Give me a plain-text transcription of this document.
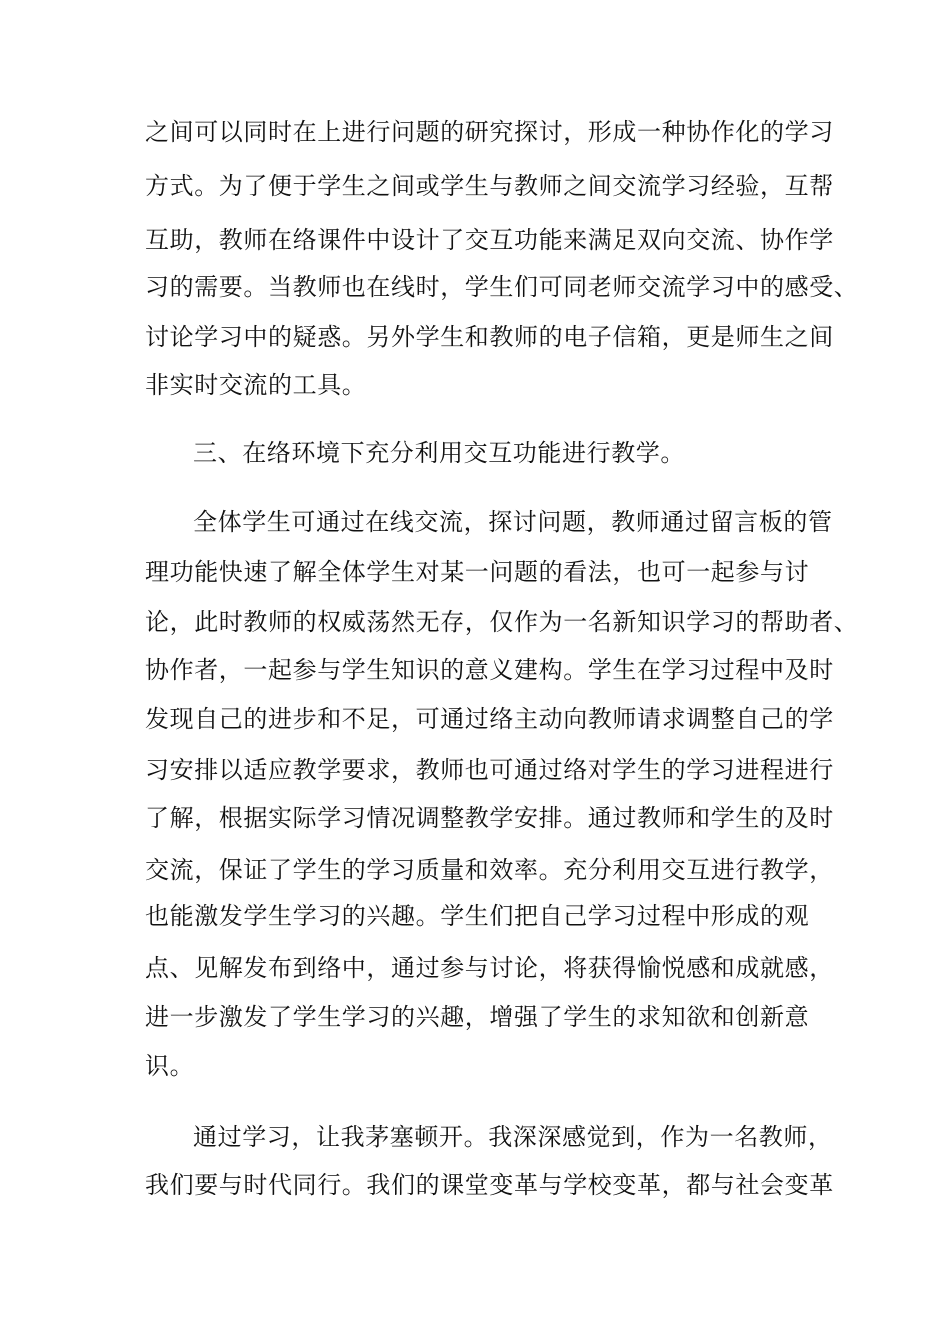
之间可以同时在上进行问题的研究探讨，形成一种协作化的学习
方式。为了便于学生之间或学生与教师之间交流学习经验，互帮
互助，教师在络课件中设计了交互功能来满足双向交流、协作学
习的需要。当教师也在线时，学生们可同老师交流学习中的感受、
讨论学习中的疑惑。另外学生和教师的电子信箱，更是师生之间
非实时交流的工具。
三、在络环境下充分利用交互功能进行教学。
全体学生可通过在线交流，探讨问题，教师通过留言板的管
理功能快速了解全体学生对某一问题的看法，也可一起参与讨
论，此时教师的权威荡然无存，仅作为一名新知识学习的帮助者、
协作者，一起参与学生知识的意义建构。学生在学习过程中及时
发现自己的进步和不足，可通过络主动向教师请求调整自己的学
习安排以适应教学要求，教师也可通过络对学生的学习进程进行
了解，根据实际学习情况调整教学安排。通过教师和学生的及时
交流，保证了学生的学习质量和效率。充分利用交互进行教学，
也能激发学生学习的兴趣。学生们把自己学习过程中形成的观
点、见解发布到络中，通过参与讨论，将获得愉悦感和成就感，
进一步激发了学生学习的兴趣，增强了学生的求知欲和创新意
识。
通过学习，让我茅塞顿开。我深深感觉到，作为一名教师，
我们要与时代同行。我们的课堂变革与学校变革，都与社会变革
